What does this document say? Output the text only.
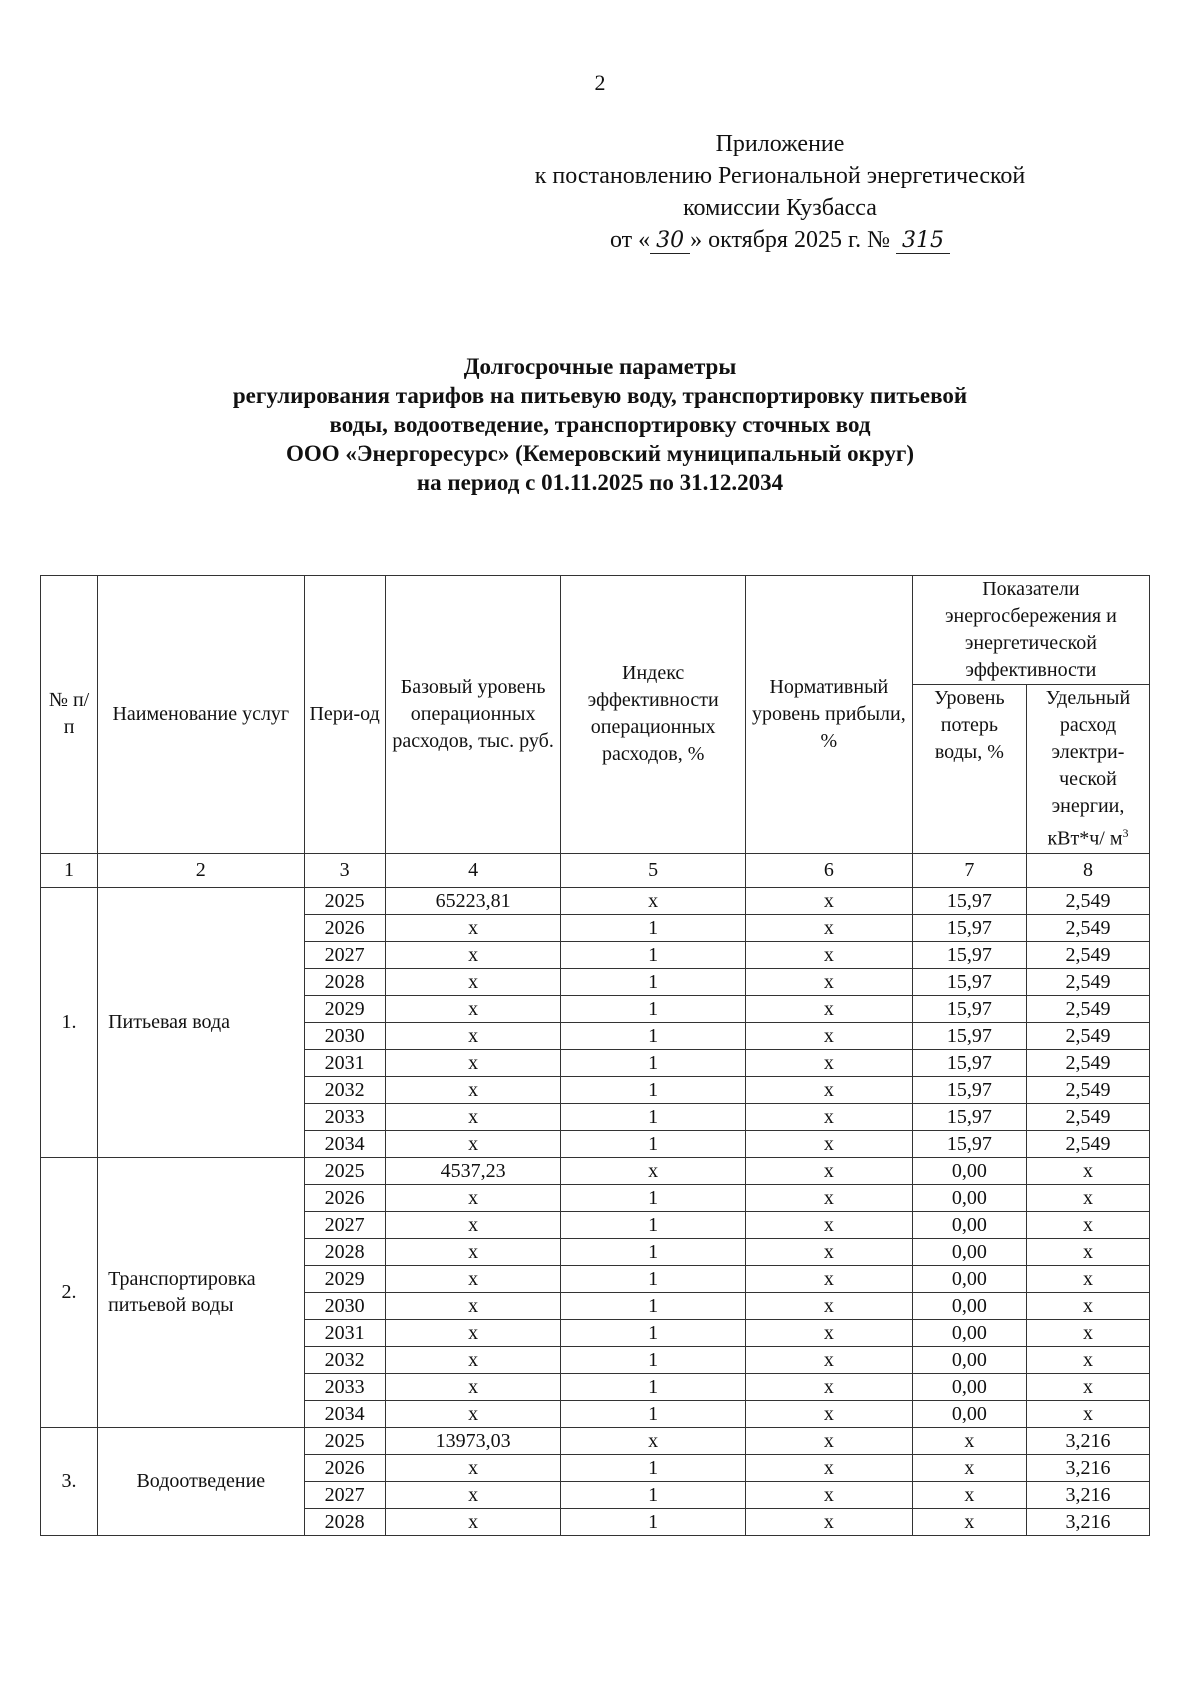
2
Приложение
к постановлению Региональной энергетической
комиссии Кузбасса
от « 30 » октября 2025 г. № 315
Долгосрочные параметры
регулирования тарифов на питьевую воду, транспортировку питьевой
воды, водоотведение, транспортировку сточных вод
ООО «Энергоресурс» (Кемеровский муниципальный округ)
на период с 01.11.2025 по 31.12.2034
№ п/п	Наименование услуг	Пери-од	Базовый уровень операционных расходов, тыс. руб.	Индекс эффективности операционных расходов, %	Нормативный уровень прибыли, %	Показатели энергосбережения и энергетической эффективности	
						Уровень потерь воды, %	Удельный расход электри-ческой энергии, кВт*ч/ $м^3$
1	2	3	4	5	6	7	8
1.	Питьевая вода	2025	65223,81	x	x	15,97	2,549
		2026	x	1	x	15,97	2,549
		2027	x	1	x	15,97	2,549
		2028	x	1	x	15,97	2,549
		2029	x	1	x	15,97	2,549
		2030	x	1	x	15,97	2,549
		2031	x	1	x	15,97	2,549
		2032	x	1	x	15,97	2,549
		2033	x	1	x	15,97	2,549
		2034	x	1	x	15,97	2,549
2.	Транспортировка питьевой воды	2025	4537,23	x	x	0,00	x
		2026	x	1	x	0,00	x
		2027	x	1	x	0,00	x
		2028	x	1	x	0,00	x
		2029	x	1	x	0,00	x
		2030	x	1	x	0,00	x
		2031	x	1	x	0,00	x
		2032	x	1	x	0,00	x
		2033	x	1	x	0,00	x
		2034	x	1	x	0,00	x
3.	Водоотведение	2025	13973,03	x	x	x	3,216
		2026	x	1	x	x	3,216
		2027	x	1	x	x	3,216
		2028	x	1	x	x	3,216
